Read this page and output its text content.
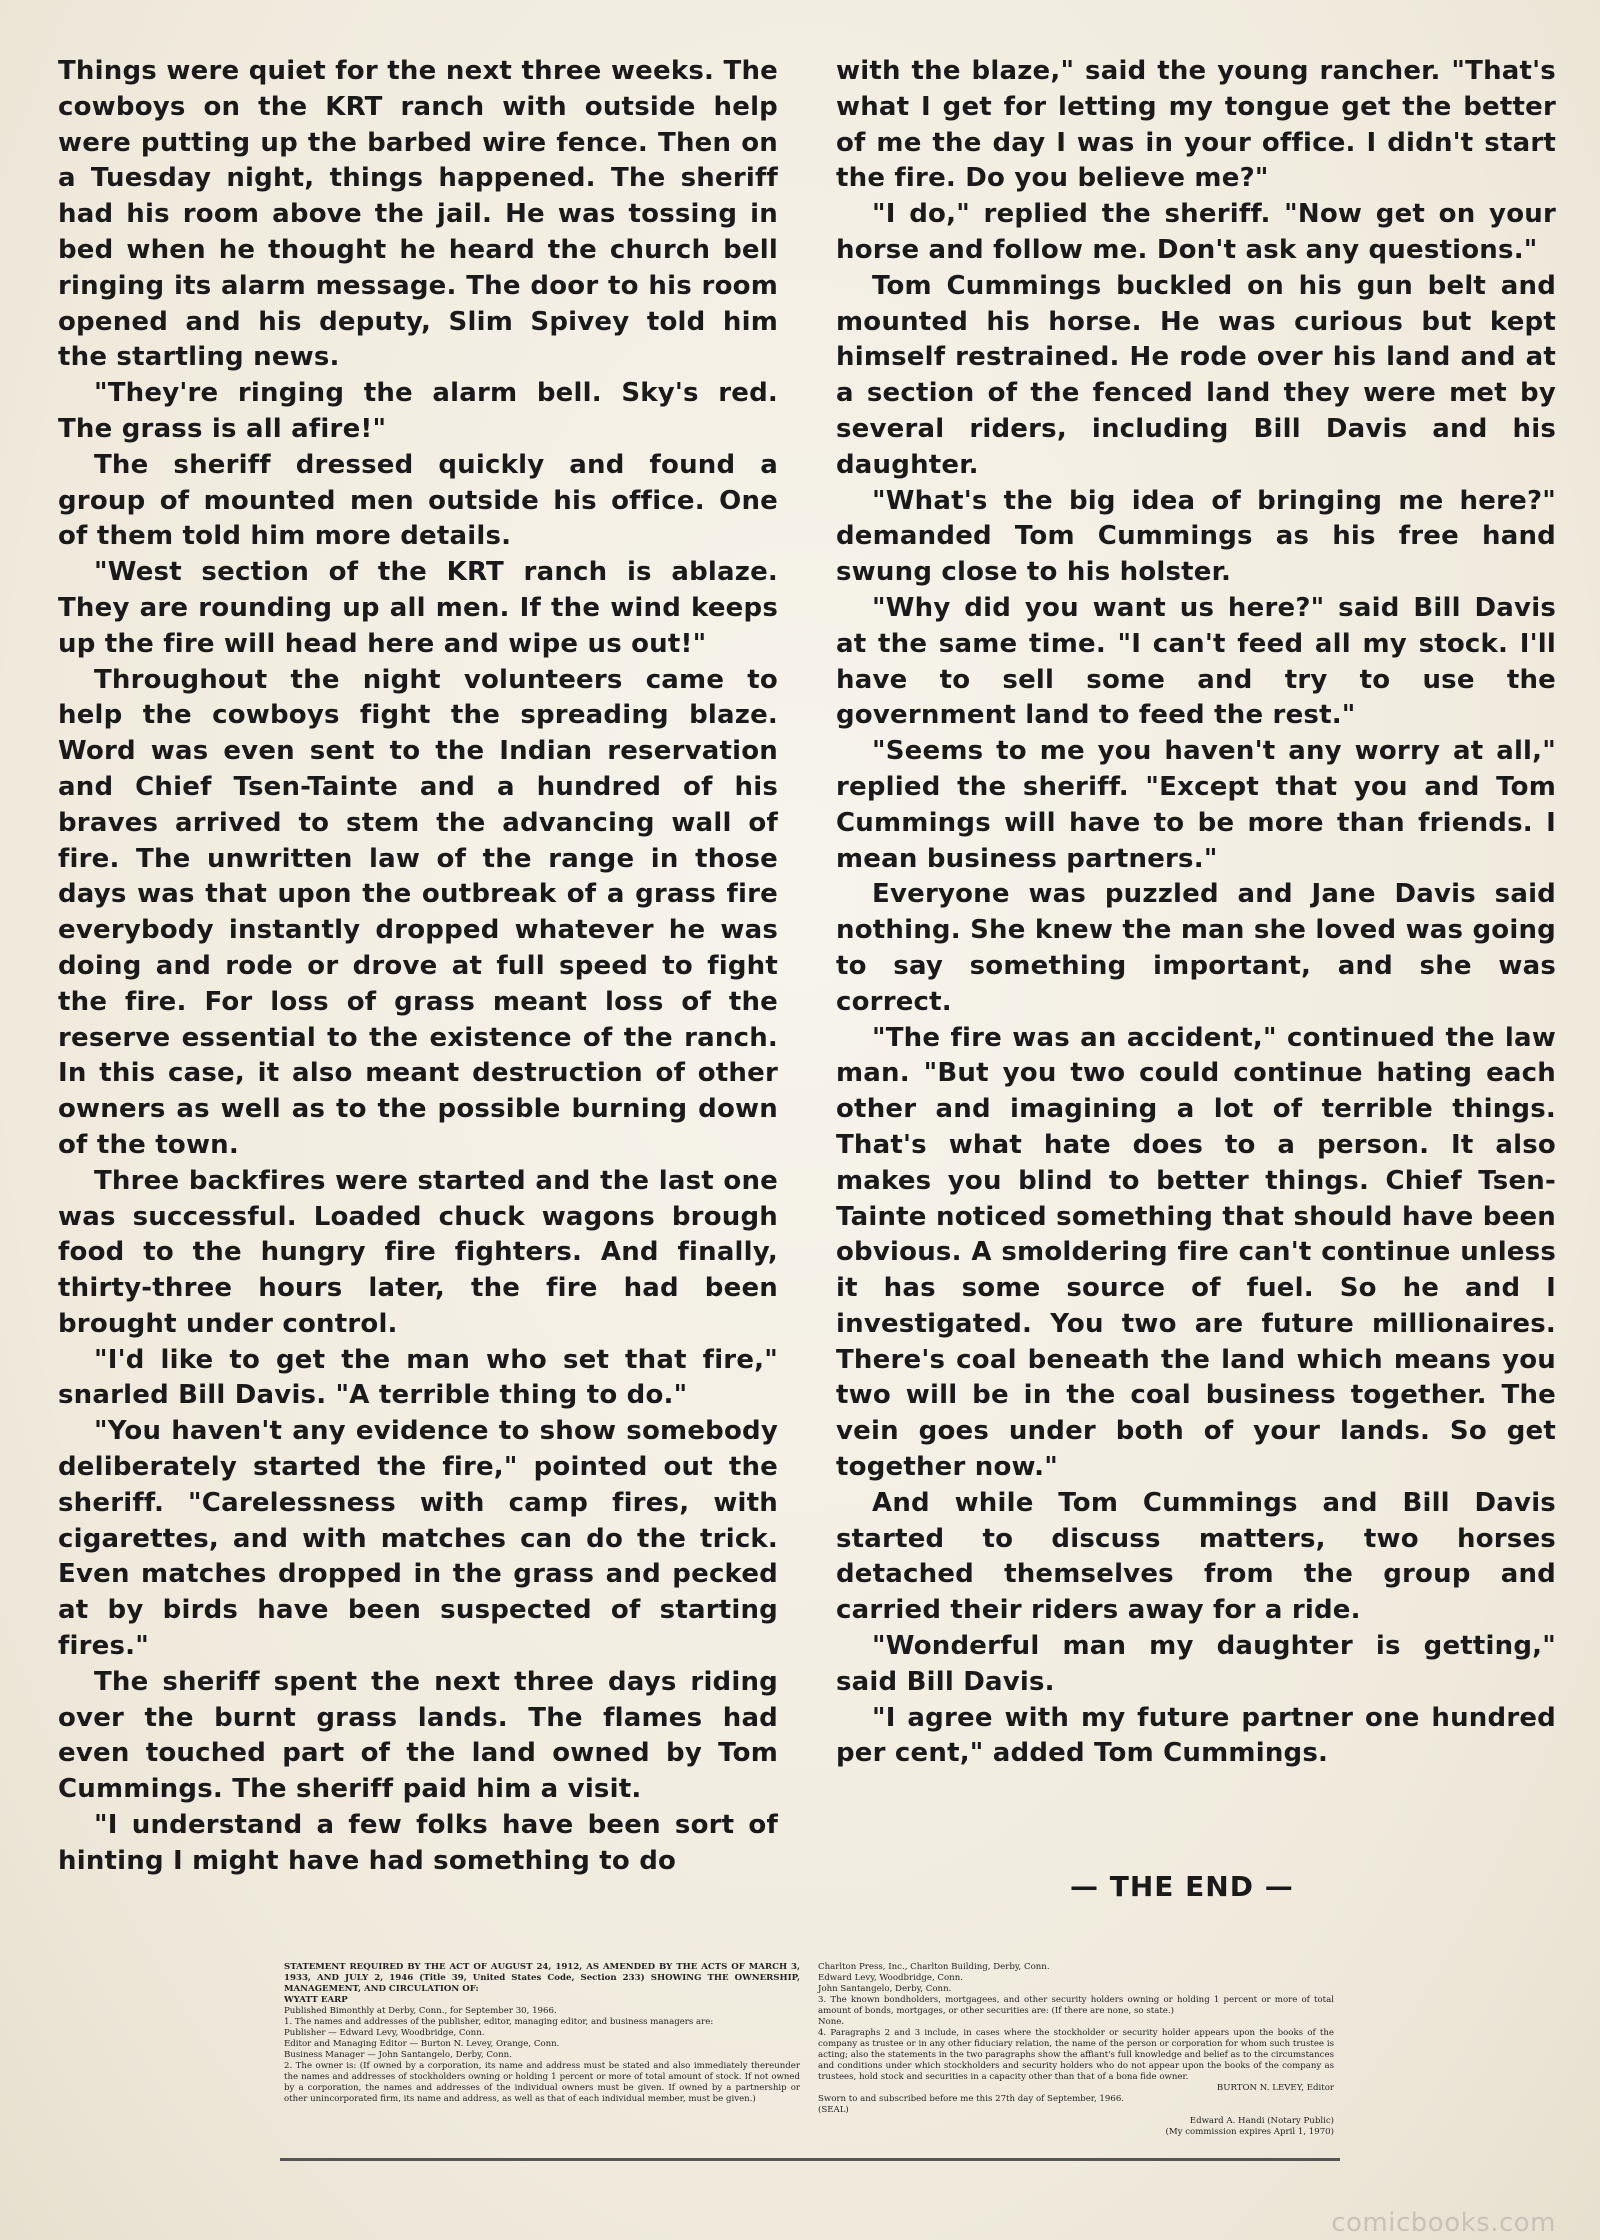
Things were quiet for the next three weeks. The cowboys on the KRT ranch with outside help were putting up the barbed wire fence. Then on a Tuesday night, things happened. The sheriff had his room above the jail. He was tossing in bed when he thought he heard the church bell ringing its alarm message. The door to his room opened and his deputy, Slim Spivey told him the startling news.

"They're ringing the alarm bell. Sky's red. The grass is all afire!"

The sheriff dressed quickly and found a group of mounted men outside his office. One of them told him more details.

"West section of the KRT ranch is ablaze. They are rounding up all men. If the wind keeps up the fire will head here and wipe us out!"

Throughout the night volunteers came to help the cowboys fight the spreading blaze. Word was even sent to the Indian reservation and Chief Tsen-Tainte and a hundred of his braves arrived to stem the advancing wall of fire. The unwritten law of the range in those days was that upon the outbreak of a grass fire everybody instantly dropped whatever he was doing and rode or drove at full speed to fight the fire. For loss of grass meant loss of the reserve essential to the existence of the ranch. In this case, it also meant destruction of other owners as well as to the possible burning down of the town.

Three backfires were started and the last one was successful. Loaded chuck wagons brough food to the hungry fire fighters. And finally, thirty-three hours later, the fire had been brought under control.

"I'd like to get the man who set that fire," snarled Bill Davis. "A terrible thing to do."

"You haven't any evidence to show somebody deliberately started the fire," pointed out the sheriff. "Carelessness with camp fires, with cigarettes, and with matches can do the trick. Even matches dropped in the grass and pecked at by birds have been suspected of starting fires."

The sheriff spent the next three days riding over the burnt grass lands. The flames had even touched part of the land owned by Tom Cummings. The sheriff paid him a visit.

"I understand a few folks have been sort of hinting I might have had something to do

with the blaze," said the young rancher. "That's what I get for letting my tongue get the better of me the day I was in your office. I didn't start the fire. Do you believe me?"

"I do," replied the sheriff. "Now get on your horse and follow me. Don't ask any questions."

Tom Cummings buckled on his gun belt and mounted his horse. He was curious but kept himself restrained. He rode over his land and at a section of the fenced land they were met by several riders, including Bill Davis and his daughter.

"What's the big idea of bringing me here?" demanded Tom Cummings as his free hand swung close to his holster.

"Why did you want us here?" said Bill Davis at the same time. "I can't feed all my stock. I'll have to sell some and try to use the government land to feed the rest."

"Seems to me you haven't any worry at all," replied the sheriff. "Except that you and Tom Cummings will have to be more than friends. I mean business partners."

Everyone was puzzled and Jane Davis said nothing. She knew the man she loved was going to say something important, and she was correct.

"The fire was an accident," continued the law man. "But you two could continue hating each other and imagining a lot of terrible things. That's what hate does to a person. It also makes you blind to better things. Chief Tsen-Tainte noticed something that should have been obvious. A smoldering fire can't continue unless it has some source of fuel. So he and I investigated. You two are future millionaires. There's coal beneath the land which means you two will be in the coal business together. The vein goes under both of your lands. So get together now."

And while Tom Cummings and Bill Davis started to discuss matters, two horses detached themselves from the group and carried their riders away for a ride.

"Wonderful man my daughter is getting," said Bill Davis.

"I agree with my future partner one hundred per cent," added Tom Cummings.

— THE END —
STATEMENT REQUIRED BY THE ACT OF AUGUST 24, 1912, AS AMENDED BY THE ACTS OF MARCH 3, 1933, AND JULY 2, 1946 (Title 39, United States Code, Section 233) SHOWING THE OWNERSHIP, MANAGEMENT, AND CIRCULATION OF:
WYATT EARP
Published Bimonthly at Derby, Conn., for September 30, 1966.
1. The names and addresses of the publisher, editor, managing editor, and business managers are:
Publisher — Edward Levy, Woodbridge, Conn.
Editor and Managing Editor — Burton N. Levey, Orange, Conn.
Business Manager — John Santangelo, Derby, Conn.
2. The owner is: (If owned by a corporation, its name and address must be stated and also immediately thereunder the names and addresses of stockholders owning or holding 1 percent or more of total amount of stock. If not owned by a corporation, the names and addresses of the individual owners must be given. If owned by a partnership or other unincorporated firm, its name and address, as well as that of each individual member, must be given.)
Charlton Press, Inc., Charlton Building, Derby, Conn.
Edward Levy, Woodbridge, Conn.
John Santangelo, Derby, Conn.
3. The known bondholders, mortgagees, and other security holders owning or holding 1 percent or more of total amount of bonds, mortgages, or other securities are: (If there are none, so state.)
None.
4. Paragraphs 2 and 3 include, in cases where the stockholder or security holder appears upon the books of the company as trustee or in any other fiduciary relation, the name of the person or corporation for whom such trustee is acting; also the statements in the two paragraphs show the affiant's full knowledge and belief as to the circumstances and conditions under which stockholders and security holders who do not appear upon the books of the company as trustees, hold stock and securities in a capacity other than that of a bona fide owner.
BURTON N. LEVEY, Editor
Sworn to and subscribed before me this 27th day of September, 1966.
(SEAL)
Edward A. Handi (Notary Public)
(My commission expires April 1, 1970)
comicbooks.com
